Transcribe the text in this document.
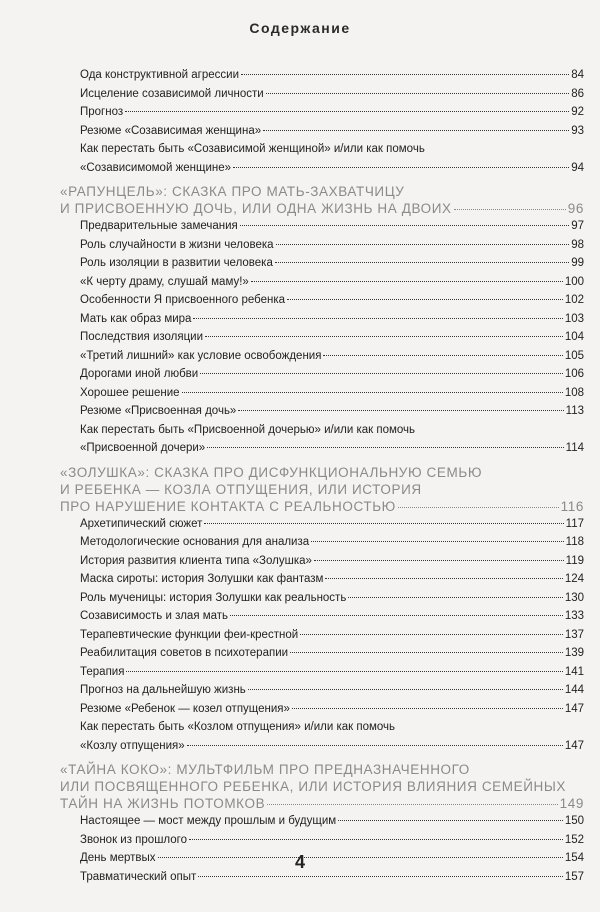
Содержание
Ода конструктивной агрессии	84
Исцеление созависимой личности	86
Прогноз	92
Резюме «Созависимая женщина»	93
Как перестать быть «Созависимой женщиной» и/или как помочь
«Созависимомой женщине»	94
«РАПУНЦЕЛЬ»: СКАЗКА ПРО МАТЬ-ЗАХВАТЧИЦУ
И ПРИСВОЕННУЮ ДОЧЬ, ИЛИ ОДНА ЖИЗНЬ НА ДВОИХ	96
Предварительные замечания	97
Роль случайности в жизни человека	98
Роль изоляции в развитии человека	99
«К черту драму, слушай маму!»	100
Особенности Я присвоенного ребенка	102
Мать как образ мира	103
Последствия изоляции	104
«Третий лишний» как условие освобождения	105
Дорогами иной любви	106
Хорошее решение	108
Резюме «Присвоенная дочь»	113
Как перестать быть «Присвоенной дочерью» и/или как помочь
«Присвоенной дочери»	114
«ЗОЛУШКА»: СКАЗКА ПРО ДИСФУНКЦИОНАЛЬНУЮ СЕМЬЮ
И РЕБЕНКА — КОЗЛА ОТПУЩЕНИЯ, ИЛИ ИСТОРИЯ
ПРО НАРУШЕНИЕ КОНТАКТА С РЕАЛЬНОСТЬЮ	116
Архетипический сюжет	117
Методологические основания для анализа	118
История развития клиента типа «Золушка»	119
Маска сироты: история Золушки как фантазм	124
Роль мученицы: история Золушки как реальность	130
Созависимость и злая мать	133
Терапевтические функции феи-крестной	137
Реабилитация советов в психотерапии	139
Терапия	141
Прогноз на дальнейшую жизнь	144
Резюме «Ребенок — козел отпущения»	147
Как перестать быть «Козлом отпущения» и/или как помочь
«Козлу отпущения»	147
«ТАЙНА КОКО»: МУЛЬТФИЛЬМ ПРО ПРЕДНАЗНАЧЕННОГО
ИЛИ ПОСВЯЩЕННОГО РЕБЕНКА, ИЛИ ИСТОРИЯ ВЛИЯНИЯ СЕМЕЙНЫХ
ТАЙН НА ЖИЗНЬ ПОТОМКОВ	149
Настоящее — мост между прошлым и будущим	150
Звонок из прошлого	152
День мертвых	154
Травматический опыт	157
4
